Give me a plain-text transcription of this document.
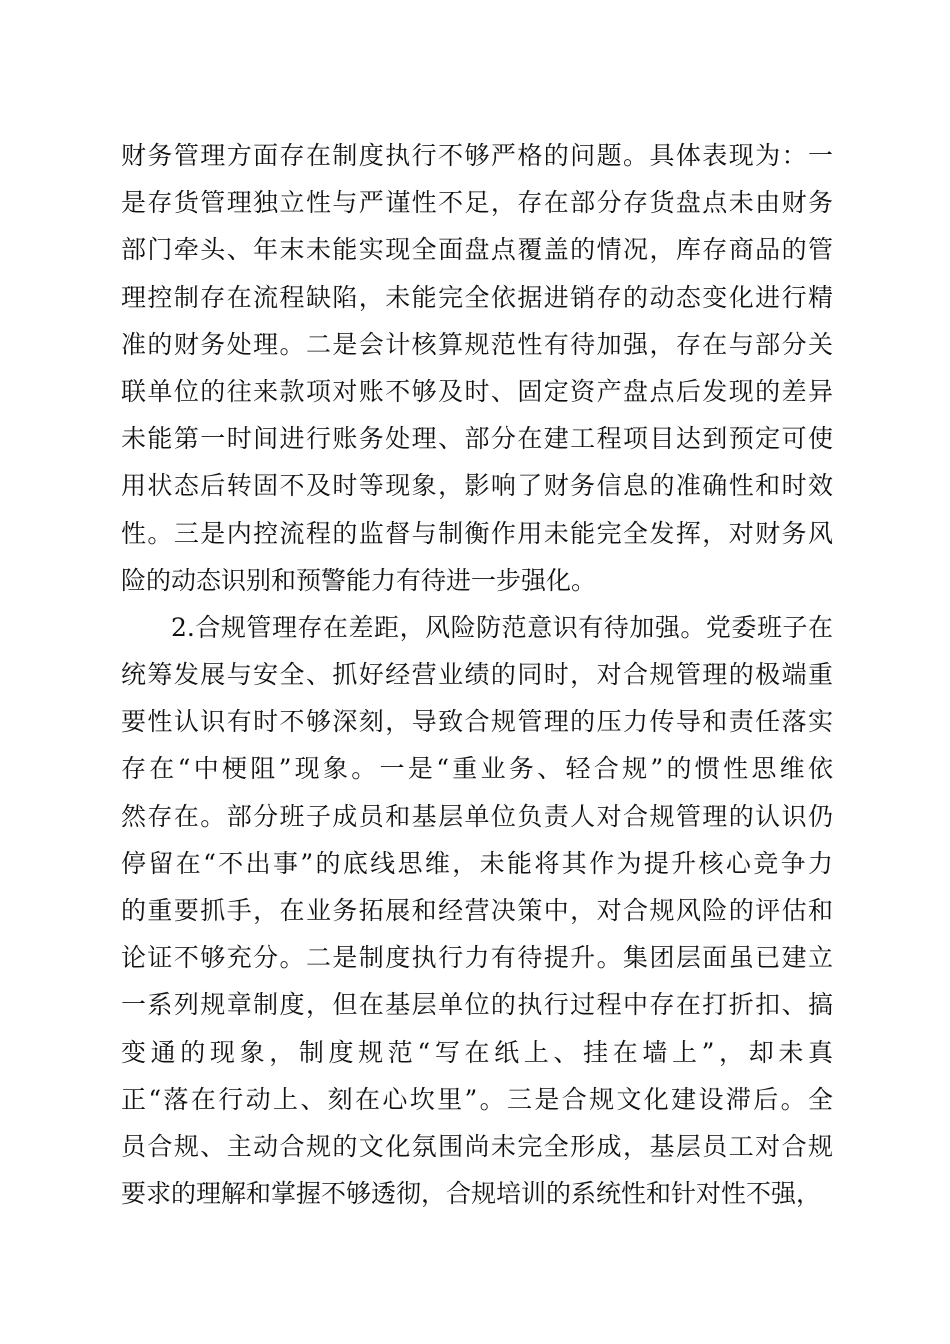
财务管理方面存在制度执行不够严格的问题。具体表现为：一
是存货管理独立性与严谨性不足，存在部分存货盘点未由财务
部门牵头、年末未能实现全面盘点覆盖的情况，库存商品的管
理控制存在流程缺陷，未能完全依据进销存的动态变化进行精
准的财务处理。二是会计核算规范性有待加强，存在与部分关
联单位的往来款项对账不够及时、固定资产盘点后发现的差异
未能第一时间进行账务处理、部分在建工程项目达到预定可使
用状态后转固不及时等现象，影响了财务信息的准确性和时效
性。三是内控流程的监督与制衡作用未能完全发挥，对财务风
险的动态识别和预警能力有待进一步强化。
2.合规管理存在差距，风险防范意识有待加强。党委班子在
统筹发展与安全、抓好经营业绩的同时，对合规管理的极端重
要性认识有时不够深刻，导致合规管理的压力传导和责任落实
存在“中梗阻”现象。一是“重业务、轻合规”的惯性思维依
然存在。部分班子成员和基层单位负责人对合规管理的认识仍
停留在“不出事”的底线思维，未能将其作为提升核心竞争力
的重要抓手，在业务拓展和经营决策中，对合规风险的评估和
论证不够充分。二是制度执行力有待提升。集团层面虽已建立
一系列规章制度，但在基层单位的执行过程中存在打折扣、搞
变通的现象，制度规范“写在纸上、挂在墙上”，却未真
正“落在行动上、刻在心坎里”。三是合规文化建设滞后。全
员合规、主动合规的文化氛围尚未完全形成，基层员工对合规
要求的理解和掌握不够透彻，合规培训的系统性和针对性不强，
